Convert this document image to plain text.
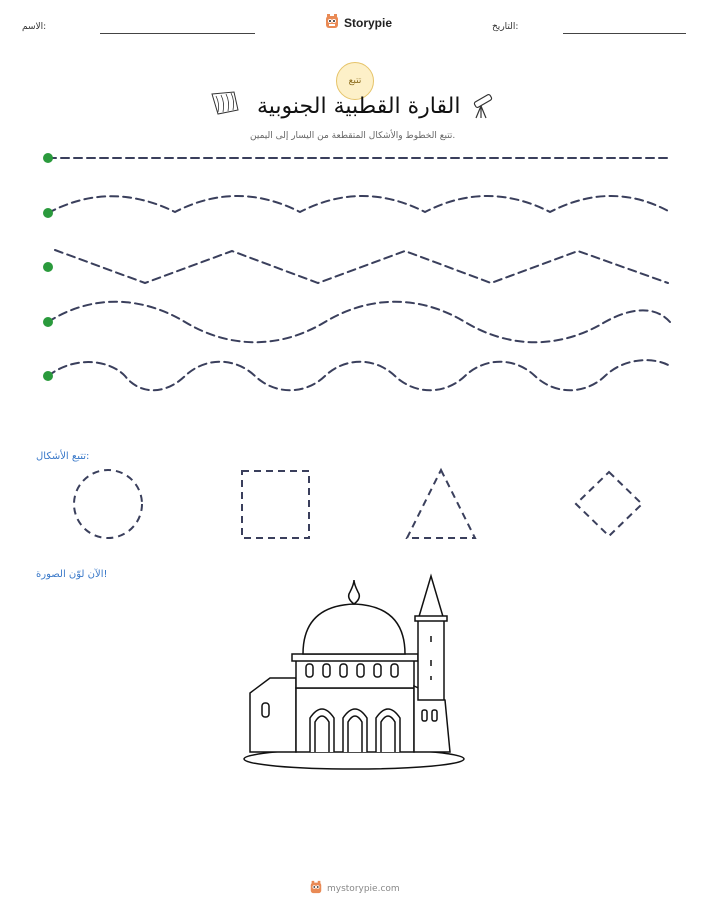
الاسم:	Storypie	التاريخ:
تتبع
القارة القطبية الجنوبية
تتبع الخطوط والأشكال المتقطعة من اليسار إلى اليمين.
تتبع الأشكال:
الآن لوّن الصورة!
mystorypie.com
